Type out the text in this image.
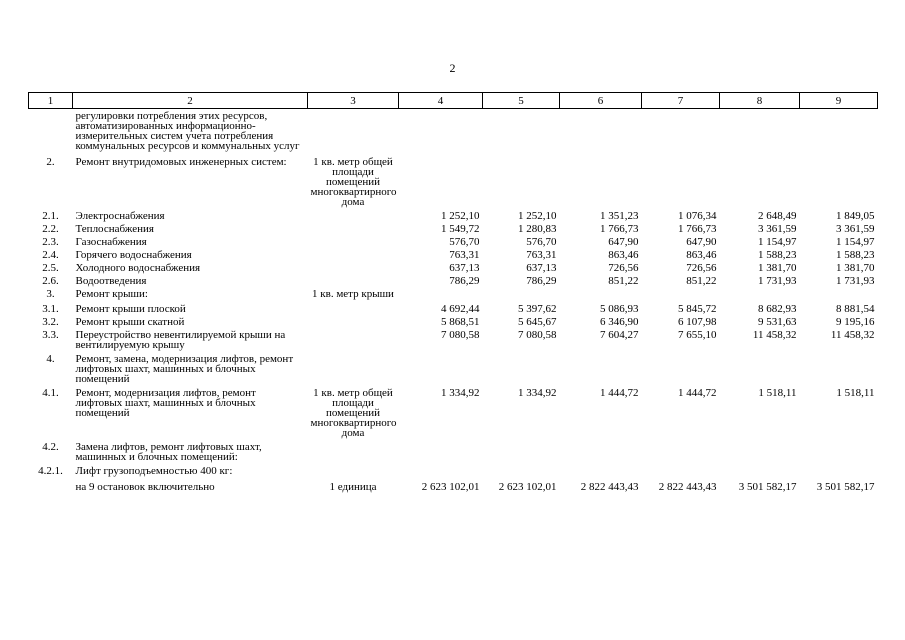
2
1	2	3	4	5	6	7	8	9
	регулировки потребления этих ресурсов, автоматизированных информационно-измерительных систем учета потребления коммунальных ресурсов и коммунальных услуг							
2.	Ремонт внутридомовых инженерных систем:	1 кв. метр общей площади помещений многоквартирного дома						
2.1.	Электроснабжения		1 252,10	1 252,10	1 351,23	1 076,34	2 648,49	1 849,05
2.2.	Теплоснабжения		1 549,72	1 280,83	1 766,73	1 766,73	3 361,59	3 361,59
2.3.	Газоснабжения		576,70	576,70	647,90	647,90	1 154,97	1 154,97
2.4.	Горячего водоснабжения		763,31	763,31	863,46	863,46	1 588,23	1 588,23
2.5.	Холодного водоснабжения		637,13	637,13	726,56	726,56	1 381,70	1 381,70
2.6.	Водоотведения		786,29	786,29	851,22	851,22	1 731,93	1 731,93
3.	Ремонт крыши:	1 кв. метр крыши						
3.1.	Ремонт крыши плоской		4 692,44	5 397,62	5 086,93	5 845,72	8 682,93	8 881,54
3.2.	Ремонт крыши скатной		5 868,51	5 645,67	6 346,90	6 107,98	9 531,63	9 195,16
3.3.	Переустройство невентилируемой крыши на вентилируемую крышу		7 080,58	7 080,58	7 604,27	7 655,10	11 458,32	11 458,32
4.	Ремонт, замена, модернизация лифтов, ремонт лифтовых шахт, машинных и блочных помещений							
4.1.	Ремонт, модернизация лифтов, ремонт лифтовых шахт, машинных и блочных помещений	1 кв. метр общей площади помещений многоквартирного дома	1 334,92	1 334,92	1 444,72	1 444,72	1 518,11	1 518,11
4.2.	Замена лифтов, ремонт лифтовых шахт, машинных и блочных помещений:							
4.2.1.	Лифт грузоподъемностью 400 кг:							
	на 9 остановок включительно	1 единица	2 623 102,01	2 623 102,01	2 822 443,43	2 822 443,43	3 501 582,17	3 501 582,17
